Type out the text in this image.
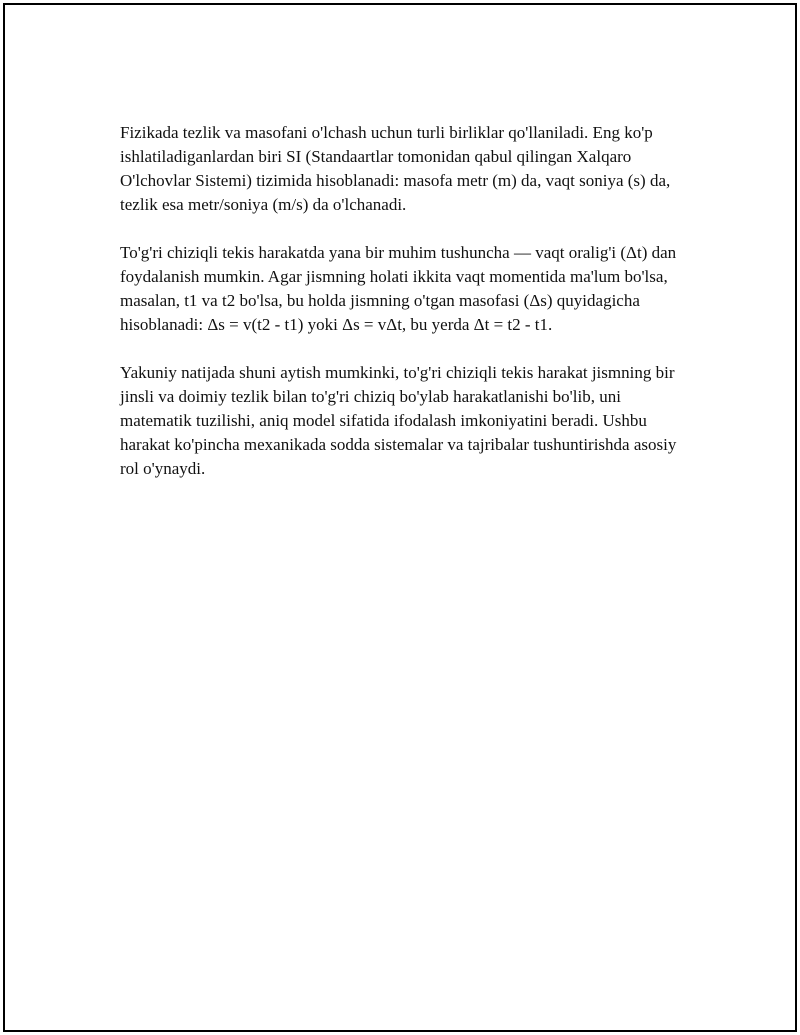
Fizikada tezlik va masofani o'lchash uchun turli birliklar qo'llaniladi. Eng ko'p ishlatiladiganlardan biri SI (Standaartlar tomonidan qabul qilingan Xalqaro O'lchovlar Sistemi) tizimida hisoblanadi: masofa metr (m) da, vaqt soniya (s) da, tezlik esa metr/soniya (m/s) da o'lchanadi.

To'g'ri chiziqli tekis harakatda yana bir muhim tushuncha — vaqt oralig'i (Δt) dan foydalanish mumkin. Agar jismning holati ikkita vaqt momentida ma'lum bo'lsa, masalan, t1 va t2 bo'lsa, bu holda jismning o'tgan masofasi (Δs) quyidagicha hisoblanadi: Δs = v(t2 - t1) yoki Δs = vΔt, bu yerda Δt = t2 - t1.

Yakuniy natijada shuni aytish mumkinki, to'g'ri chiziqli tekis harakat jismning bir jinsli va doimiy tezlik bilan to'g'ri chiziq bo'ylab harakatlanishi bo'lib, uni matematik tuzilishi, aniq model sifatida ifodalash imkoniyatini beradi. Ushbu harakat ko'pincha mexanikada sodda sistemalar va tajribalar tushuntirishda asosiy rol o'ynaydi.
